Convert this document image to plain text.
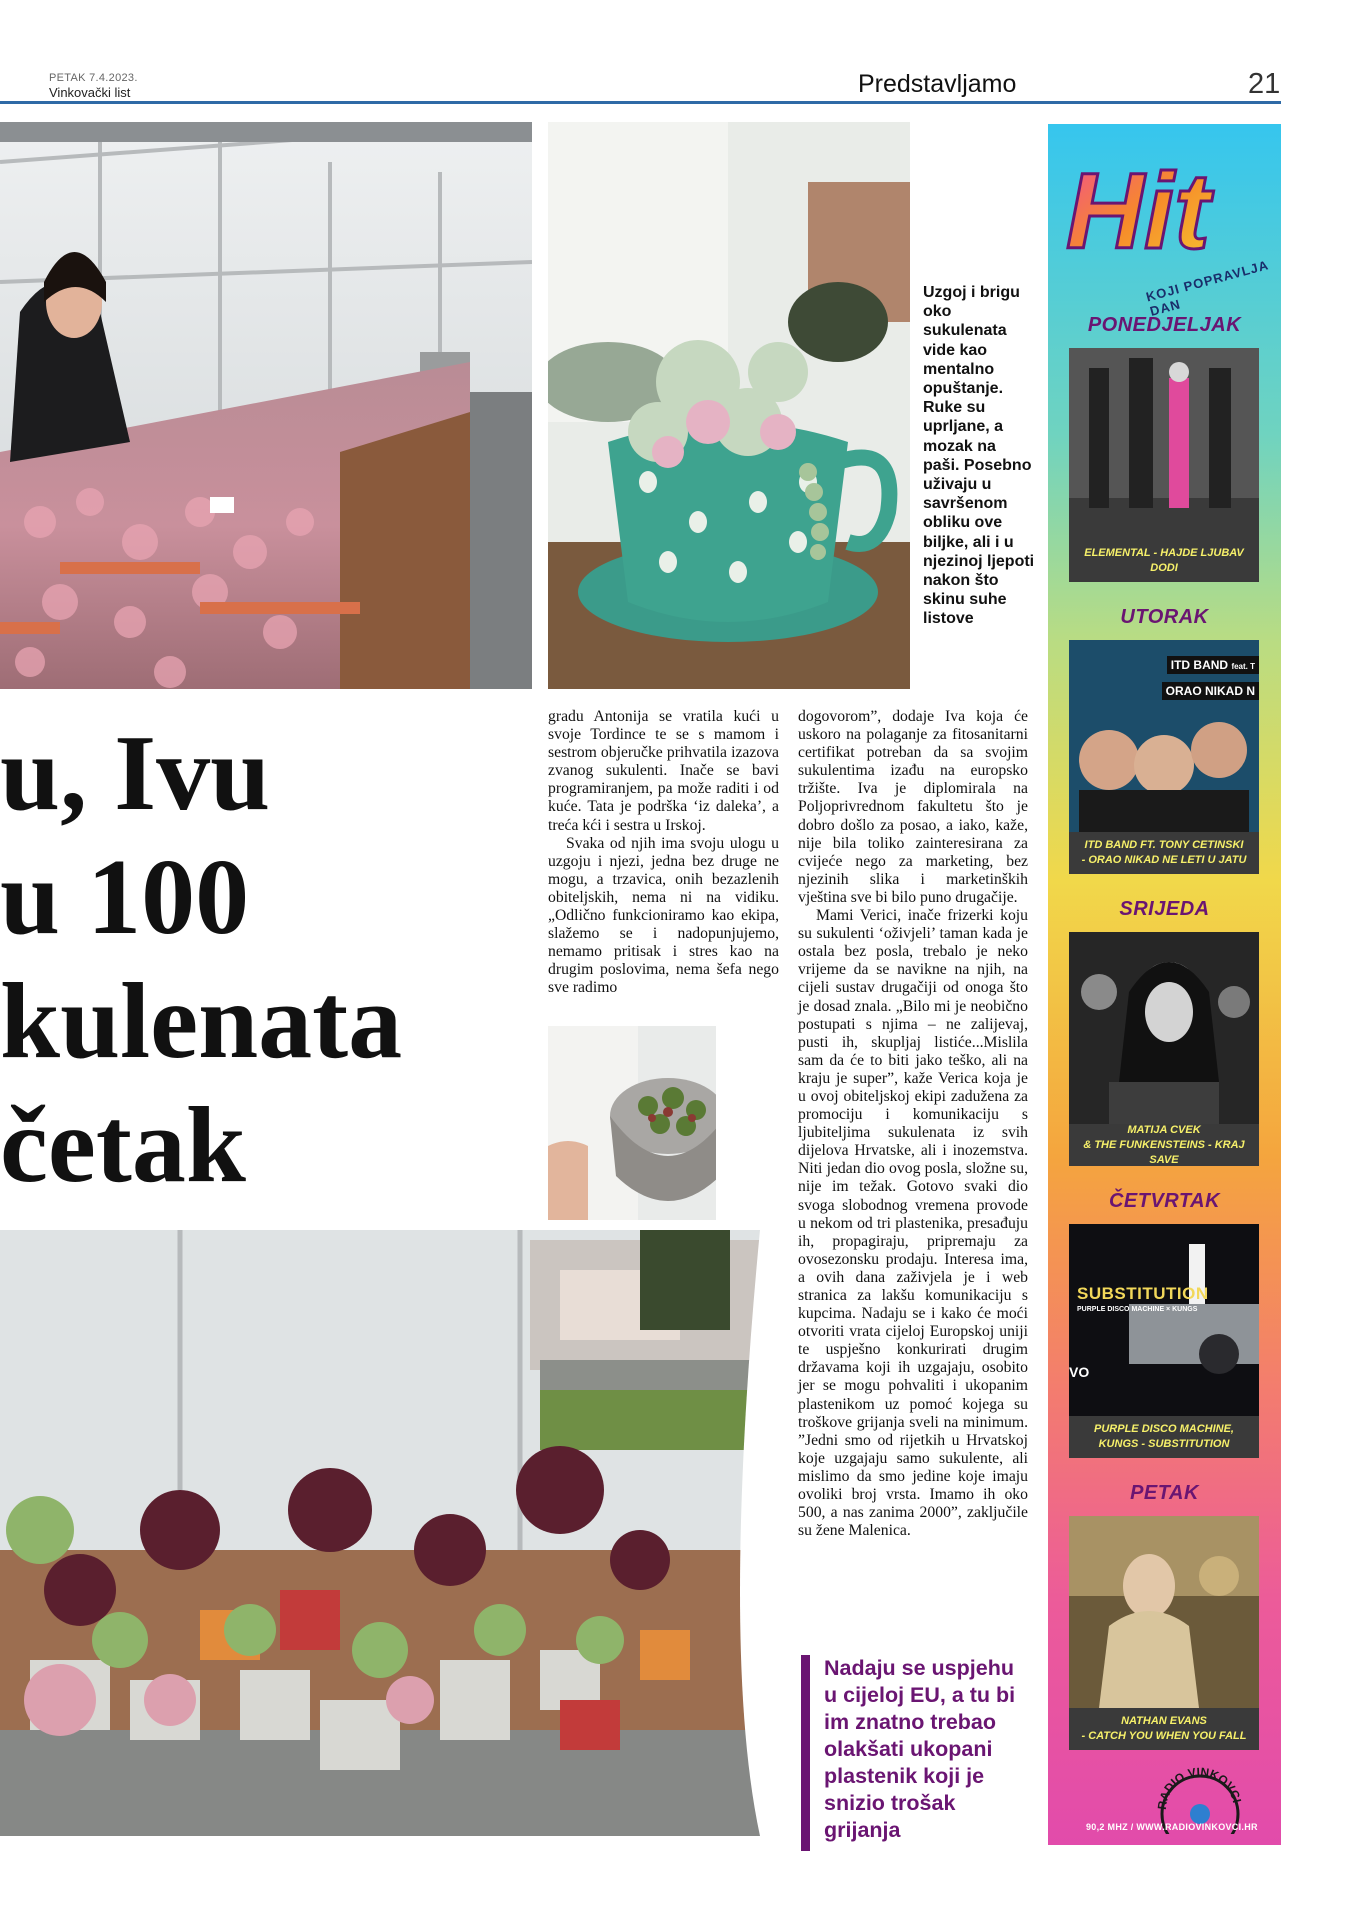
PETAK 7.4.2023.
Vinkovački list	Predstavljamo	21
Uzgoj i brigu oko sukulenata vide kao mentalno opuštanje. Ruke su uprljane, a mozak na paši. Posebno uživaju u savršenom obliku ove biljke, ali i u njezinoj ljepoti nakon što skinu suhe listove
u, Ivu
u 100
kulenata
četak

gradu Antonija se vratila kući u svoje Tordince te se s mamom i sestrom objeručke prihvatila izazova zvanog sukulenti. Inače se bavi programiranjem, pa može raditi i od kuće. Tata je podrška ‘iz daleka’, a treća kći i sestra u Irskoj.

Svaka od njih ima svoju ulogu u uzgoju i njezi, jedna bez druge ne mogu, a trzavica, onih bezazlenih obiteljskih, nema ni na vidiku. „Odlično funkcioniramo kao ekipa, slažemo se i nadopunjujemo, nemamo pritisak i stres kao na drugim poslovima, nema šefa nego sve radimo

dogovorom”, dodaje Iva koja će uskoro na polaganje za fitosanitarni certifikat potreban da sa svojim sukulentima izađu na europsko tržište. Iva je diplomirala na Poljoprivrednom fakultetu što je dobro došlo za posao, a iako, kaže, nije bila toliko zainteresirana za cvijeće nego za marketing, bez njezinih slika i marketinških vještina sve bi bilo puno drugačije.

Mami Verici, inače frizerki koju su sukulenti ‘oživjeli’ taman kada je ostala bez posla, trebalo je neko vrijeme da se navikne na njih, na cijeli sustav drugačiji od onoga što je dosad znala. „Bilo mi je neobično postupati s njima – ne zalijevaj, pusti ih, skupljaj listiće...Mislila sam da će to biti jako teško, ali na kraju je super”, kaže Verica koja je u ovoj obiteljskoj ekipi zadužena za promociju i komunikaciju s ljubiteljima sukulenata iz svih dijelova Hrvatske, ali i inozemstva. Niti jedan dio ovog posla, složne su, nije im težak. Gotovo svaki dio svoga slobodnog vremena provode u nekom od tri plastenika, presađuju ih, propagiraju, pripremaju za ovosezonsku prodaju. Interesa ima, a ovih dana zaživjela je i web stranica za lakšu komunikaciju s kupcima. Nadaju se i kako će moći otvoriti vrata cijeloj Europskoj uniji te uspješno konkurirati drugim državama koji ih uzgajaju, osobito jer se mogu pohvaliti i ukopanim plastenikom uz pomoć kojega su troškove grijanja sveli na minimum. ”Jedni smo od rijetkih u Hrvatskoj koje uzgajaju samo sukulente, ali mislimo da smo jedine koje imaju ovoliki broj vrsta. Imamo ih oko 500, a nas zanima 2000”, zaključile su žene Malenica.

Nadaju se uspjehu u cijeloj EU, a tu bi im znatno trebao olakšati ukopani plastenik koji je snizio trošak grijanja
Hit
KOJI POPRAVLJA DAN
PONEDJELJAK
ELEMENTAL - HAJDE LJUBAV DODI
UTORAK
ITD BAND feat. T
ORAO NIKAD N
ITD BAND FT. TONY CETINSKI
- ORAO NIKAD NE LETI U JATU
SRIJEDA
MATIJA CVEK
& THE FUNKENSTEINS - KRAJ SAVE
ČETVRTAK
SUBSTITUTION
PURPLE DISCO MACHINE × KUNGS
VO
PURPLE DISCO MACHINE,
KUNGS - SUBSTITUTION
PETAK
NATHAN EVANS
- CATCH YOU WHEN YOU FALL
RADIO VINKOVCI
90,2 MHZ / WWW.RADIOVINKOVCI.HR
